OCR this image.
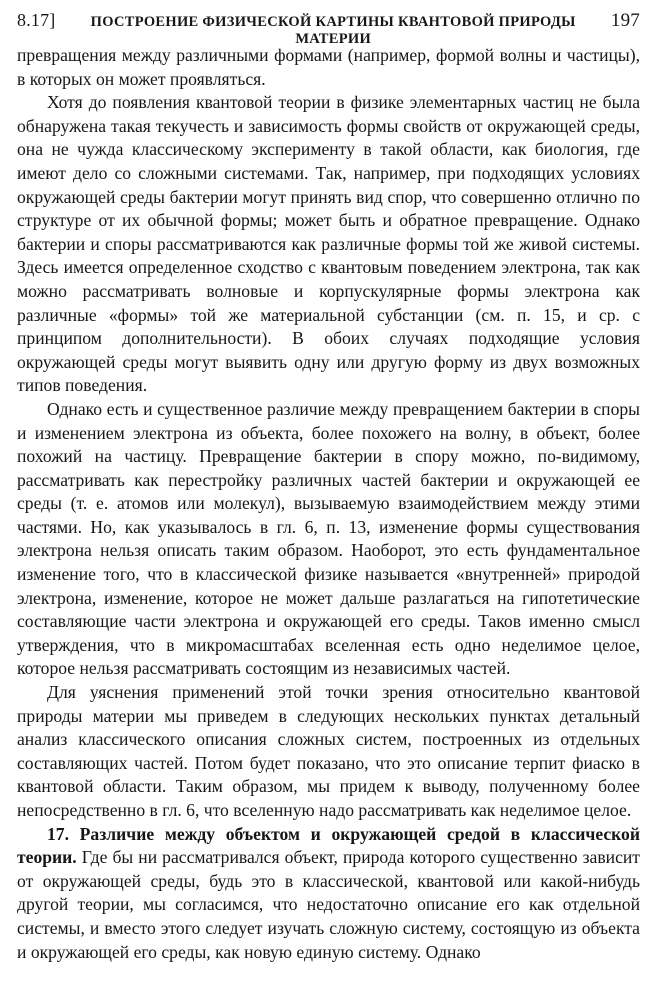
8.17]	ПОСТРОЕНИЕ ФИЗИЧЕСКОЙ КАРТИНЫ КВАНТОВОЙ ПРИРОДЫ МАТЕРИИ
197

превращения между различными формами (например, формой волны и частицы), в которых он может проявляться.

Хотя до появления квантовой теории в физике элементарных частиц не была обнаружена такая текучесть и зависимость формы свойств от окружающей среды, она не чужда классическому эксперименту в такой области, как биология, где имеют дело со сложными системами. Так, например, при подходящих условиях окружающей среды бактерии могут принять вид спор, что совершенно отлично по структуре от их обычной формы; может быть и обратное превращение. Однако бактерии и споры рассматриваются как различные формы той же живой системы. Здесь имеется определенное сходство с квантовым поведением электрона, так как можно рассматривать волновые и корпускулярные формы электрона как различные «формы» той же материальной субстанции (см. п. 15, и ср. с принципом дополнительности). В обоих случаях подходящие условия окружающей среды могут выявить одну или другую форму из двух возможных типов поведения.

Однако есть и существенное различие между превращением бактерии в споры и изменением электрона из объекта, более похожего на волну, в объект, более похожий на частицу. Превращение бактерии в спору можно, по-видимому, рассматривать как перестройку различных частей бактерии и окружающей ее среды (т. е. атомов или молекул), вызываемую взаимодействием между этими частями. Но, как указывалось в гл. 6, п. 13, изменение формы существования электрона нельзя описать таким образом. Наоборот, это есть фундаментальное изменение того, что в классической физике называется «внутренней» природой электрона, изменение, которое не может дальше разлагаться на гипотетические составляющие части электрона и окружающей его среды. Таков именно смысл утверждения, что в микромасштабах вселенная есть одно неделимое целое, которое нельзя рассматривать состоящим из независимых частей.

Для уяснения применений этой точки зрения относительно квантовой природы материи мы приведем в следующих нескольких пунктах детальный анализ классического описания сложных систем, построенных из отдельных составляющих частей. Потом будет показано, что это описание терпит фиаско в квантовой области. Таким образом, мы придем к выводу, полученному более непосредственно в гл. 6, что вселенную надо рассматривать как неделимое целое.

17. Различие между объектом и окружающей средой в классической теории. Где бы ни рассматривался объект, природа которого существенно зависит от окружающей среды, будь это в классической, квантовой или какой-нибудь другой теории, мы согласимся, что недостаточно описание его как отдельной системы, и вместо этого следует изучать сложную систему, состоящую из объекта и окружающей его среды, как новую единую систему. Однако
